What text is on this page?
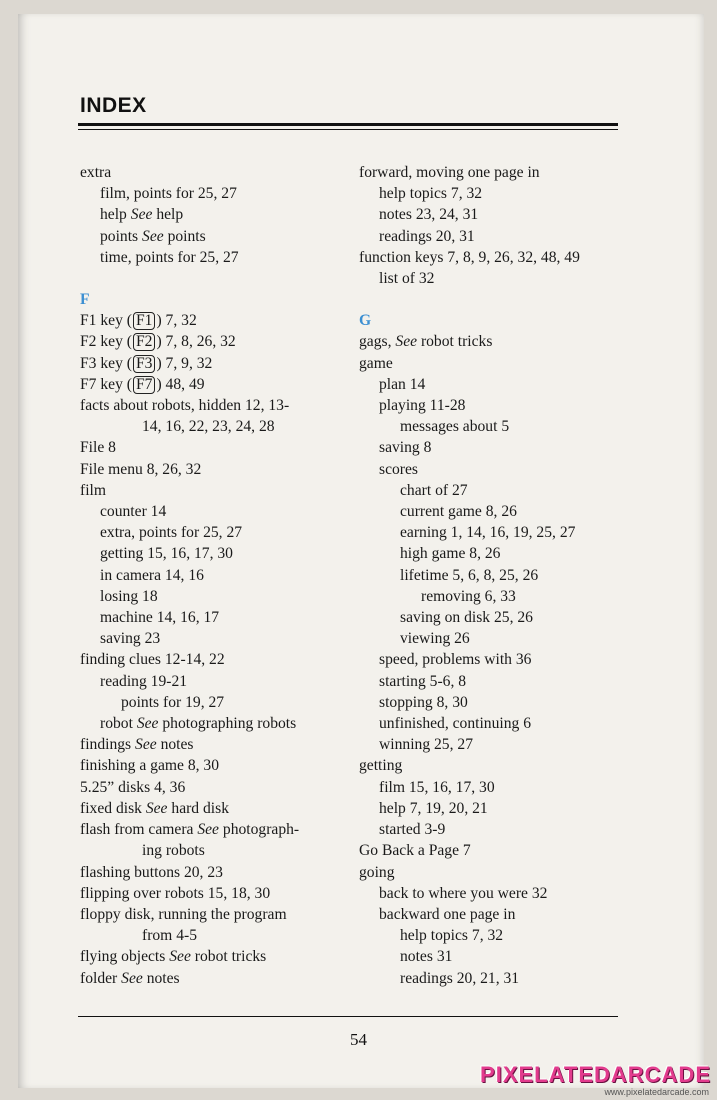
INDEX
extra
film, points for 25, 27
help See help
points See points
time, points for 25, 27
F
F1 key ( F1 ) 7, 32
F2 key ( F2 ) 7, 8, 26, 32
F3 key ( F3 ) 7, 9, 32
F7 key ( F7 ) 48, 49
facts about robots, hidden 12, 13-
14, 16, 22, 23, 24, 28
File 8
File menu 8, 26, 32
film
counter 14
extra, points for 25, 27
getting 15, 16, 17, 30
in camera 14, 16
losing 18
machine 14, 16, 17
saving 23
finding clues 12-14, 22
reading 19-21
points for 19, 27
robot See photographing robots
findings See notes
finishing a game 8, 30
5.25” disks 4, 36
fixed disk See hard disk
flash from camera See photograph-
ing robots
flashing buttons 20, 23
flipping over robots 15, 18, 30
floppy disk, running the program
from 4-5
flying objects See robot tricks
folder See notes
forward, moving one page in
help topics 7, 32
notes 23, 24, 31
readings 20, 31
function keys 7, 8, 9, 26, 32, 48, 49
list of 32
G
gags, See robot tricks
game
plan 14
playing 11-28
messages about 5
saving 8
scores
chart of 27
current game 8, 26
earning 1, 14, 16, 19, 25, 27
high game 8, 26
lifetime 5, 6, 8, 25, 26
removing 6, 33
saving on disk 25, 26
viewing 26
speed, problems with 36
starting 5-6, 8
stopping 8, 30
unfinished, continuing 6
winning 25, 27
getting
film 15, 16, 17, 30
help 7, 19, 20, 21
started 3-9
Go Back a Page 7
going
back to where you were 32
backward one page in
help topics 7, 32
notes 31
readings 20, 21, 31
54
PIXELATEDARCADE
www.pixelatedarcade.com
